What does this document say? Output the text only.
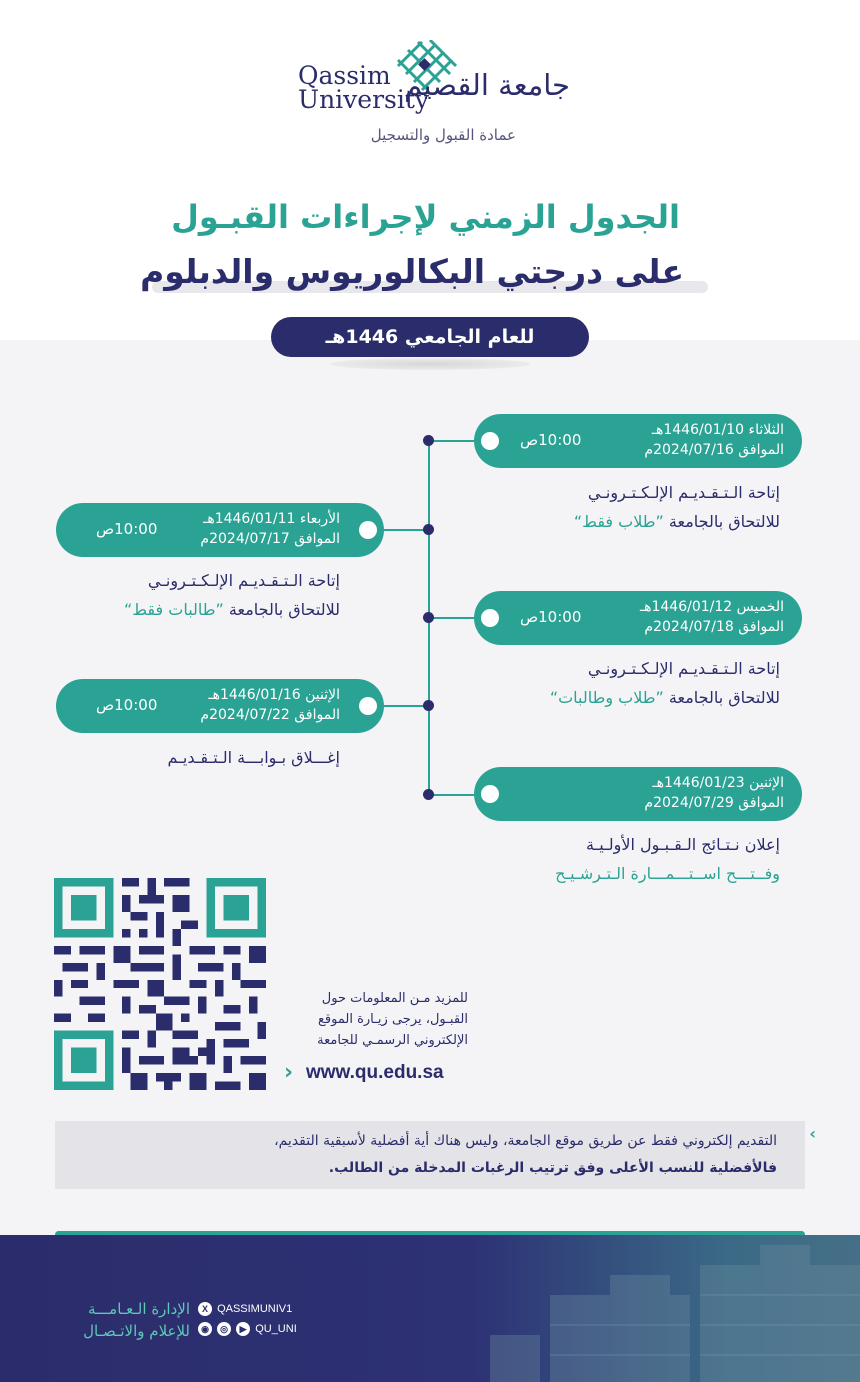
Qassim
University
جامعة القصيم
عمادة القبول والتسجيل
الجدول الزمني لإجراءات القبـول
على درجتي البكالوريوس والدبلوم
للعام الجامعي 1446هـ
10:00ص
الثلاثاء 1446/01/10هـ
الموافق 2024/07/16م
إتاحة الـتـقـديـم الإلـكـتـرونـي
للالتحاق بالجامعة ”طلاب فقط“
10:00ص
الأربعاء 1446/01/11هـ
الموافق 2024/07/17م
إتاحة الـتـقـديـم الإلـكـتـرونـي
للالتحاق بالجامعة ”طالبات فقط“	10:00ص
الخميس 1446/01/12هـ
الموافق 2024/07/18م
إتاحة الـتـقـديـم الإلـكـتـرونـي
للالتحاق بالجامعة ”طلاب وطالبات“
10:00ص
الإثنين 1446/01/16هـ
الموافق 2024/07/22م
إغـــلاق بـوابـــة الـتـقـديـم
الإثنين 1446/01/23هـ
الموافق 2024/07/29م
إعلان نـتـائج الـقـبـول الأولـيـة
وفــتـــح اســتـــمـــارة الـتـرشـيـح
للمزيد مـن المعلومات حول
القبـول، يرجى زيـارة الموقع
الإلكتروني الرسمـي للجامعة
› www.qu.edu.sa
التقديم إلكتروني فقط عن طريق موقع الجامعة، وليس هناك أية أفضلية لأسبقية التقديم،
فالأفضلية للنسب الأعلى وفق ترتيب الرغبات المدخلة من الطالب.
‹
الإدارة الـعـامـــة
للإعلام والاتـصـال
X QASSIMUNIV1
◉ ◎ ▶ QU_UNI
